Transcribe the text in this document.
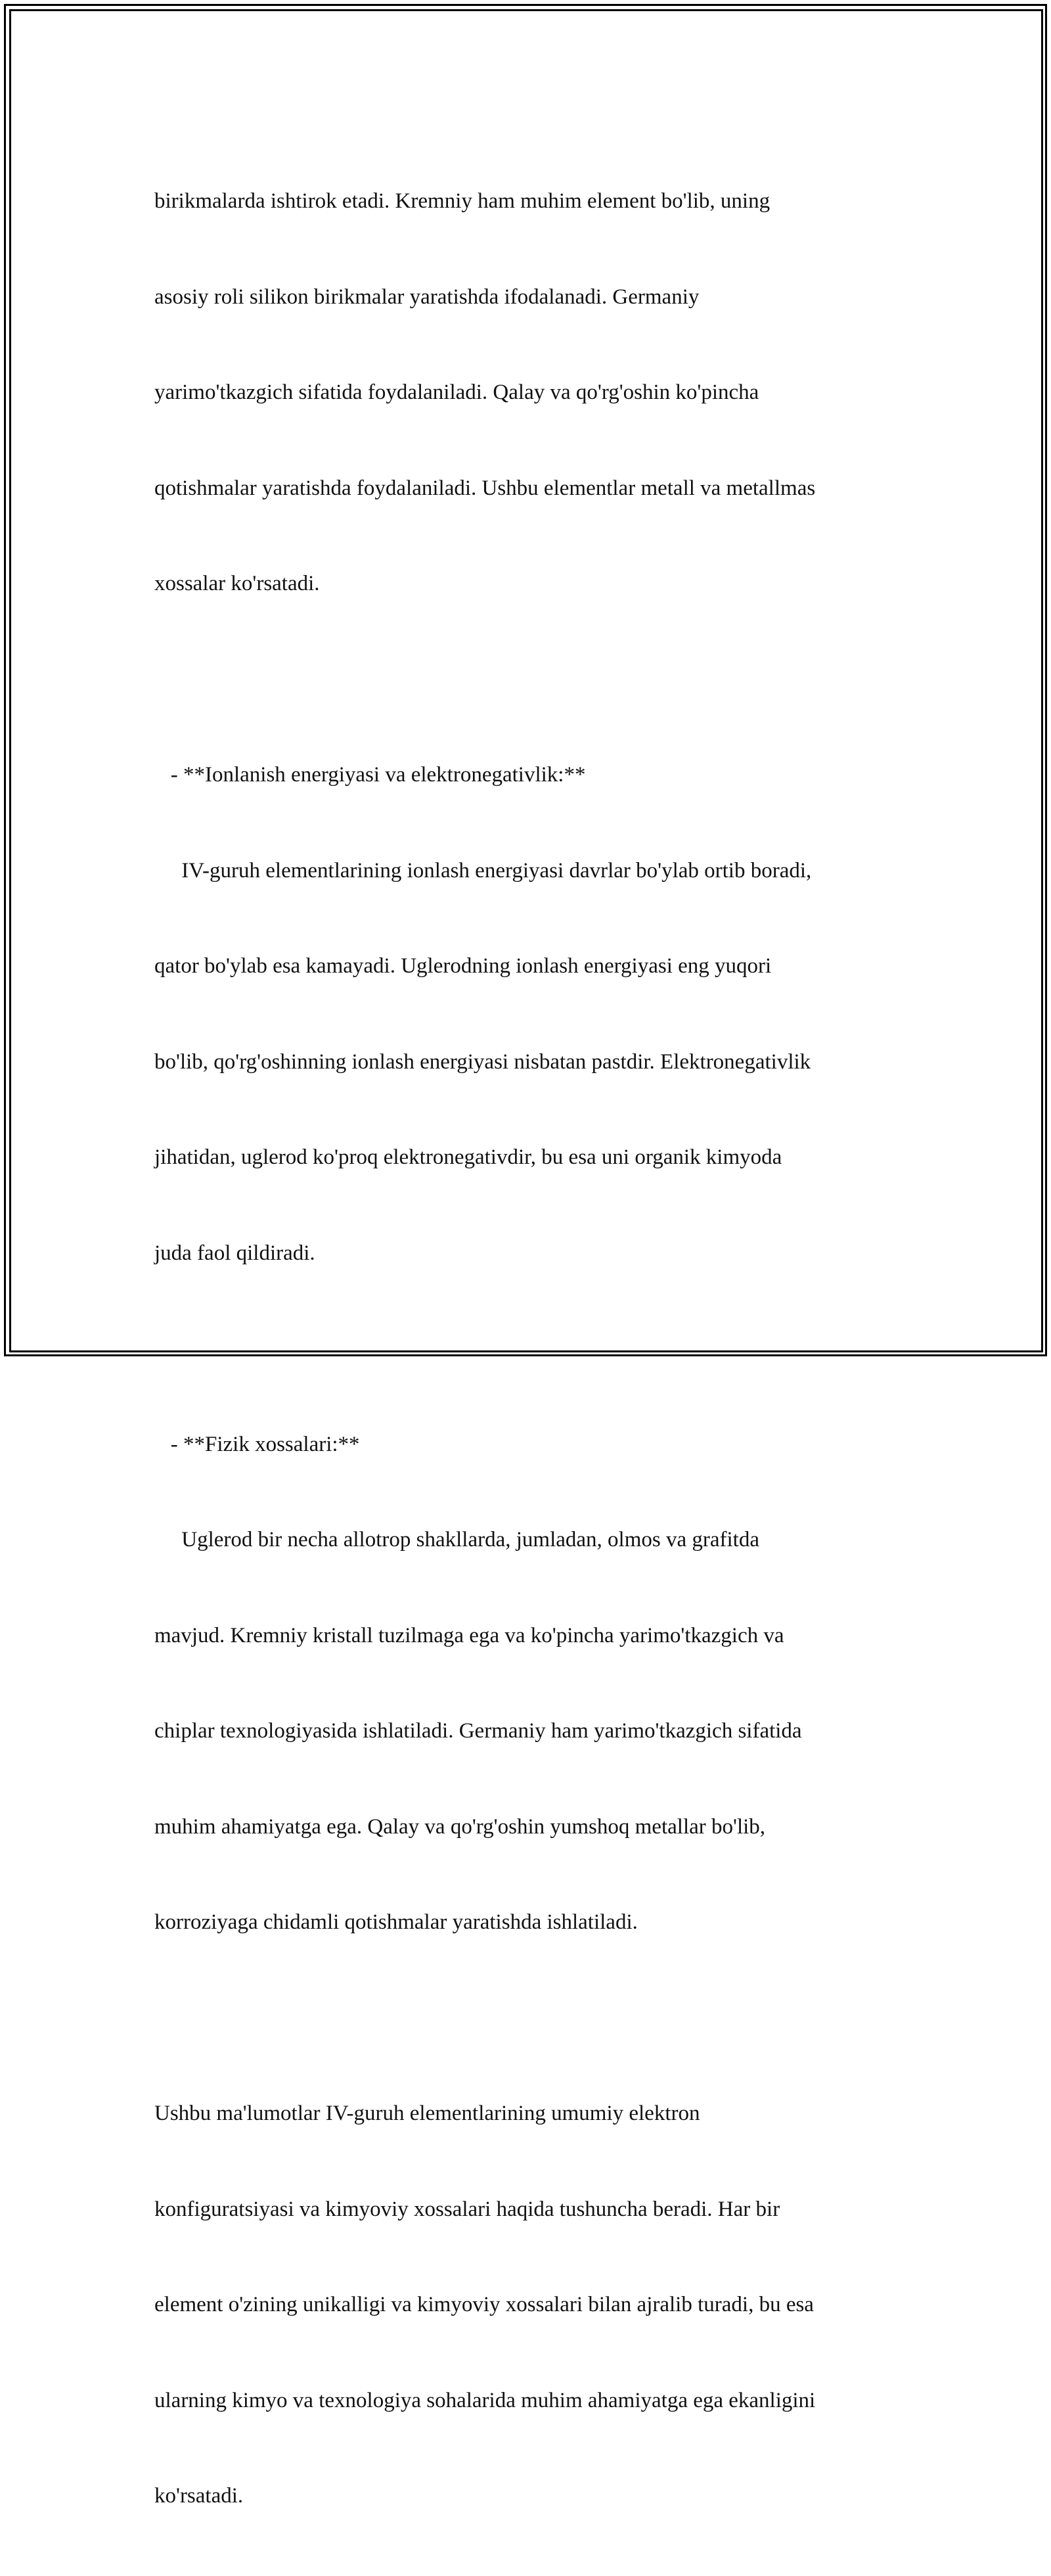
birikmalarda ishtirok etadi. Kremniy ham muhim element bo'lib, uning

asosiy roli silikon birikmalar yaratishda ifodalanadi. Germaniy

yarimo'tkazgich sifatida foydalaniladi. Qalay va qo'rg'oshin ko'pincha

qotishmalar yaratishda foydalaniladi. Ushbu elementlar metall va metallmas

xossalar ko'rsatadi.

- **Ionlanish energiyasi va elektronegativlik:**

IV-guruh elementlarining ionlash energiyasi davrlar bo'ylab ortib boradi,

qator bo'ylab esa kamayadi. Uglerodning ionlash energiyasi eng yuqori

bo'lib, qo'rg'oshinning ionlash energiyasi nisbatan pastdir. Elektronegativlik

jihatidan, uglerod ko'proq elektronegativdir, bu esa uni organik kimyoda

juda faol qildiradi.

- **Fizik xossalari:**

Uglerod bir necha allotrop shakllarda, jumladan, olmos va grafitda

mavjud. Kremniy kristall tuzilmaga ega va ko'pincha yarimo'tkazgich va

chiplar texnologiyasida ishlatiladi. Germaniy ham yarimo'tkazgich sifatida

muhim ahamiyatga ega. Qalay va qo'rg'oshin yumshoq metallar bo'lib,

korroziyaga chidamli qotishmalar yaratishda ishlatiladi.

Ushbu ma'lumotlar IV-guruh elementlarining umumiy elektron

konfiguratsiyasi va kimyoviy xossalari haqida tushuncha beradi. Har bir

element o'zining unikalligi va kimyoviy xossalari bilan ajralib turadi, bu esa

ularning kimyo va texnologiya sohalarida muhim ahamiyatga ega ekanligini

ko'rsatadi.
